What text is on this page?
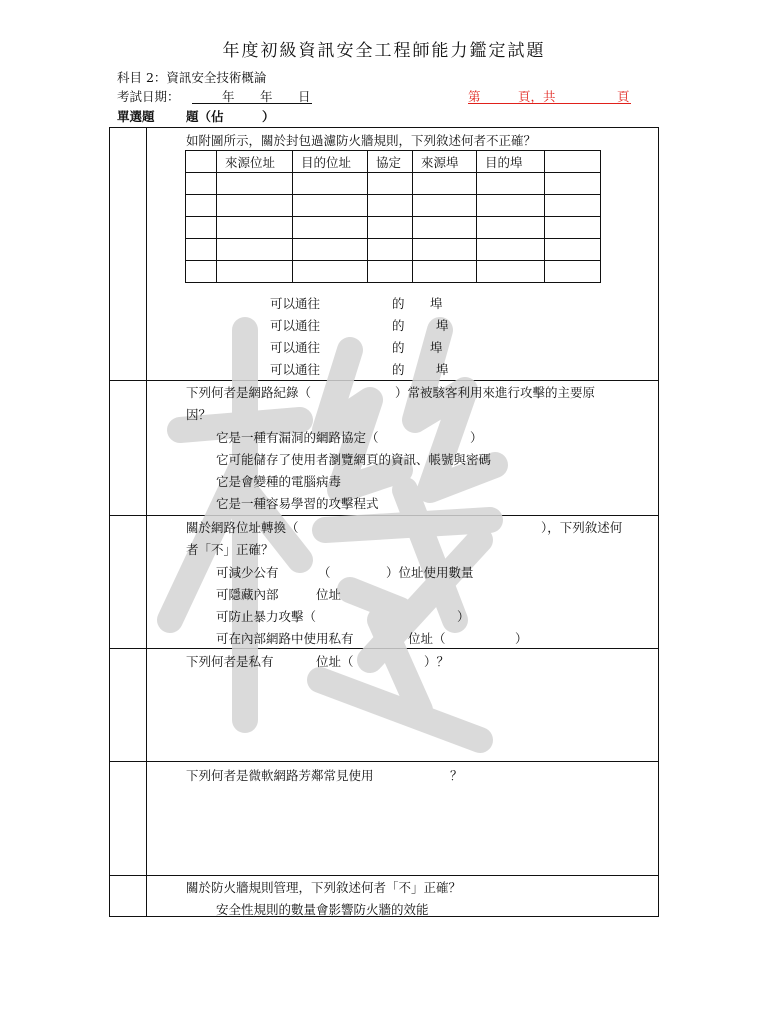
年度初級資訊安全工程師能力鑑定試題
科目 2：資訊安全技術概論
考試日期：	年 年 日	第	頁，共	頁
單選題	題（佔	）
如附圖所示，關於封包過濾防火牆規則，下列敘述何者不正確？
	來源位址	目的位址	協定	來源埠	目的埠	

可以通往	的 埠
可以通往	的	埠
可以通往	的 埠
可以通往	的	埠
下列何者是網路紀錄（	）常被駭客利用來進行攻擊的主要原
因？
它是一種有漏洞的網路協定（	）
它可能儲存了使用者瀏覽網頁的資訊、帳號與密碼
它是會變種的電腦病毒
它是一種容易學習的攻擊程式
關於網路位址轉換（	），下列敘述何
者「不」正確？
可減少公有	（	）位址使用數量
可隱藏內部	位址
可防止暴力攻擊（	）
可在內部網路中使用私有	位址（	）
下列何者是私有	位址（	）？
下列何者是微軟網路芳鄰常見使用	？
關於防火牆規則管理，下列敘述何者「不」正確？
安全性規則的數量會影響防火牆的效能
